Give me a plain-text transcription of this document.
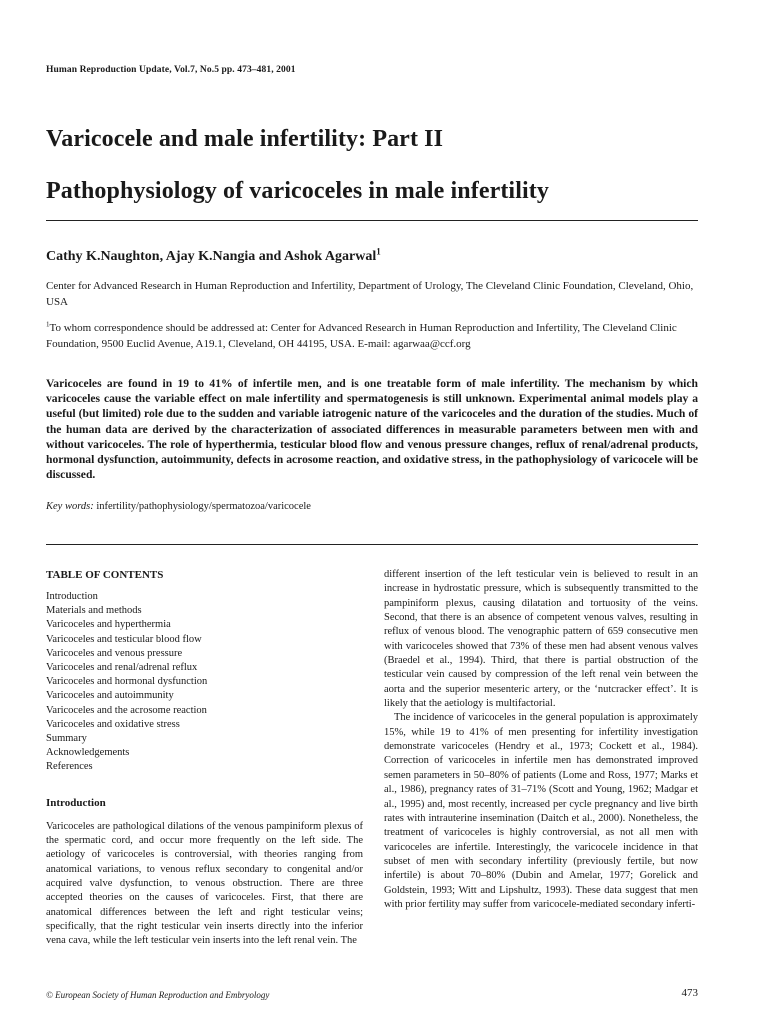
Human Reproduction Update, Vol.7, No.5 pp. 473–481, 2001
Varicocele and male infertility: Part II
Pathophysiology of varicoceles in male infertility
Cathy K.Naughton, Ajay K.Nangia and Ashok Agarwal$^1$
Center for Advanced Research in Human Reproduction and Infertility, Department of Urology, The Cleveland Clinic Foundation, Cleveland, Ohio, USA
$^1$To whom correspondence should be addressed at: Center for Advanced Research in Human Reproduction and Infertility, The Cleveland Clinic Foundation, 9500 Euclid Avenue, A19.1, Cleveland, OH 44195, USA. E-mail: agarwaa@ccf.org
Varicoceles are found in 19 to 41% of infertile men, and is one treatable form of male infertility. The mechanism by which varicoceles cause the variable effect on male infertility and spermatogenesis is still unknown. Experimental animal models play a useful (but limited) role due to the sudden and variable iatrogenic nature of the varicoceles and the duration of the studies. Much of the human data are derived by the characterization of associated differences in measurable parameters between men with and without varicoceles. The role of hyperthermia, testicular blood flow and venous pressure changes, reflux of renal/adrenal products, hormonal dysfunction, autoimmunity, defects in acrosome reaction, and oxidative stress, in the pathophysiology of varicocele will be discussed.
Key words: infertility/pathophysiology/spermatozoa/varicocele
TABLE OF CONTENTS
Introduction
Materials and methods
Varicoceles and hyperthermia
Varicoceles and testicular blood flow
Varicoceles and venous pressure
Varicoceles and renal/adrenal reflux
Varicoceles and hormonal dysfunction
Varicoceles and autoimmunity
Varicoceles and the acrosome reaction
Varicoceles and oxidative stress
Summary
Acknowledgements
References
Introduction

Varicoceles are pathological dilations of the venous pampiniform plexus of the spermatic cord, and occur more frequently on the left side. The aetiology of varicoceles is controversial, with theories ranging from anatomical variations, to venous reflux secondary to congenital and/or acquired valve dysfunction, to venous obstruction. There are three accepted theories on the causes of varicoceles. First, that there are anatomical differences between the left and right testicular veins; specifically, that the right testicular vein inserts directly into the inferior vena cava, while the left testicular vein inserts into the left renal vein. The

different insertion of the left testicular vein is believed to result in an increase in hydrostatic pressure, which is subsequently transmitted to the pampiniform plexus, causing dilatation and tortuosity of the veins. Second, that there is an absence of competent venous valves, resulting in reflux of venous blood. The venographic pattern of 659 consecutive men with varicoceles showed that 73% of these men had absent venous valves (Braedel et al., 1994). Third, that there is partial obstruction of the testicular vein caused by compression of the left renal vein between the aorta and the superior mesenteric artery, or the ‘nutcracker effect’. It is likely that the aetiology is multifactorial.

The incidence of varicoceles in the general population is approximately 15%, while 19 to 41% of men presenting for infertility investigation demonstrate varicoceles (Hendry et al., 1973; Cockett et al., 1984). Correction of varicoceles in infertile men has demonstrated improved semen parameters in 50–80% of patients (Lome and Ross, 1977; Marks et al., 1986), pregnancy rates of 31–71% (Scott and Young, 1962; Madgar et al., 1995) and, most recently, increased per cycle pregnancy and live birth rates with intrauterine insemination (Daitch et al., 2000). Nonetheless, the treatment of varicoceles is highly controversial, as not all men with varicoceles are infertile. Interestingly, the varicocele incidence in that subset of men with secondary infertility (previously fertile, but now infertile) is about 70–80% (Dubin and Amelar, 1977; Gorelick and Goldstein, 1993; Witt and Lipshultz, 1993). These data suggest that men with prior fertility may suffer from varicocele-mediated secondary inferti-

© European Society of Human Reproduction and Embryology	473
